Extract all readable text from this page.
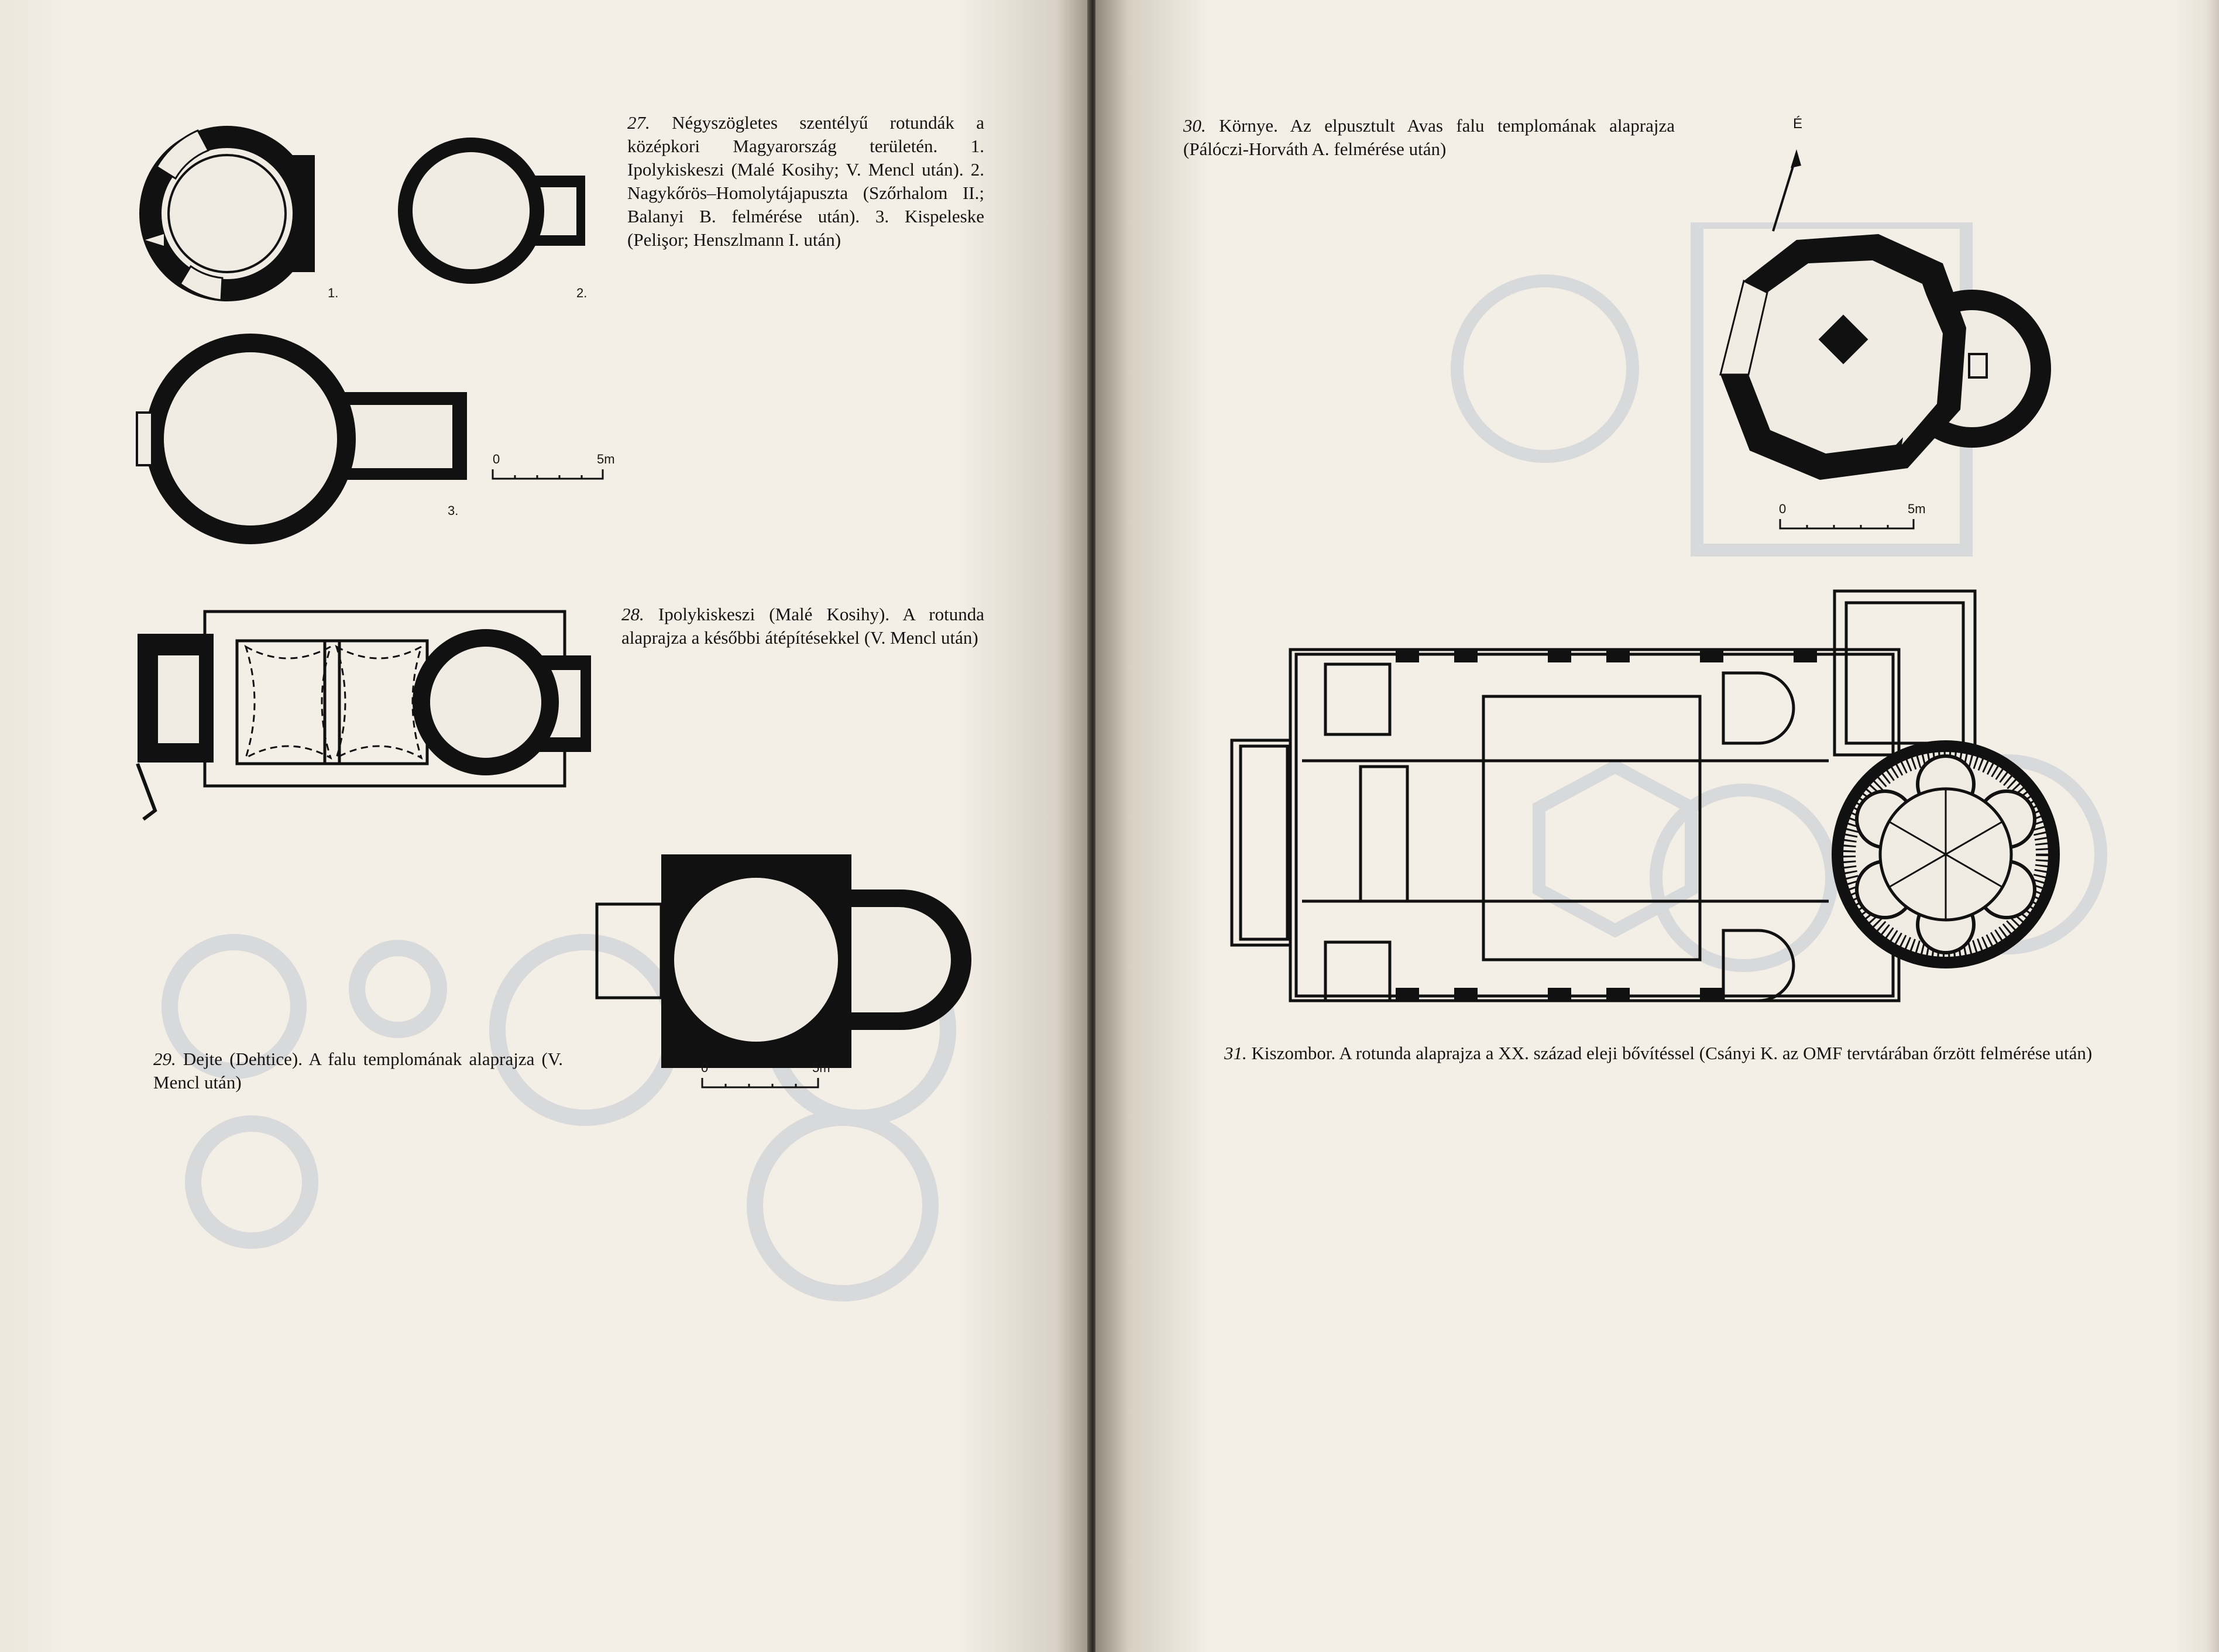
1.	2.
3.
0	5m
0	5m
27. Négyszögletes szentélyű rotundák a középkori Magyarország területén. 1. Ipolykiskeszi (Malé Kosihy; V. Mencl után). 2. Nagykőrös–Homolytájapuszta (Szőrhalom II.; Balanyi B. felmérése után). 3. Kispeleske (Pelişor; Henszlmann I. után)
28. Ipolykiskeszi (Malé Kosihy). A rotunda alaprajza a későbbi átépítésekkel (V. Mencl után)
29. Dejte (Dehtice). A falu templomának alaprajza (V. Mencl után)
30. Környe. Az elpusztult Avas falu templomának alaprajza (Pálóczi-Horváth A. felmérése után)
É
0	5m
31. Kiszombor. A rotunda alaprajza a XX. század eleji bővítéssel (Csányi K. az OMF tervtárában őrzött felmérése után)
